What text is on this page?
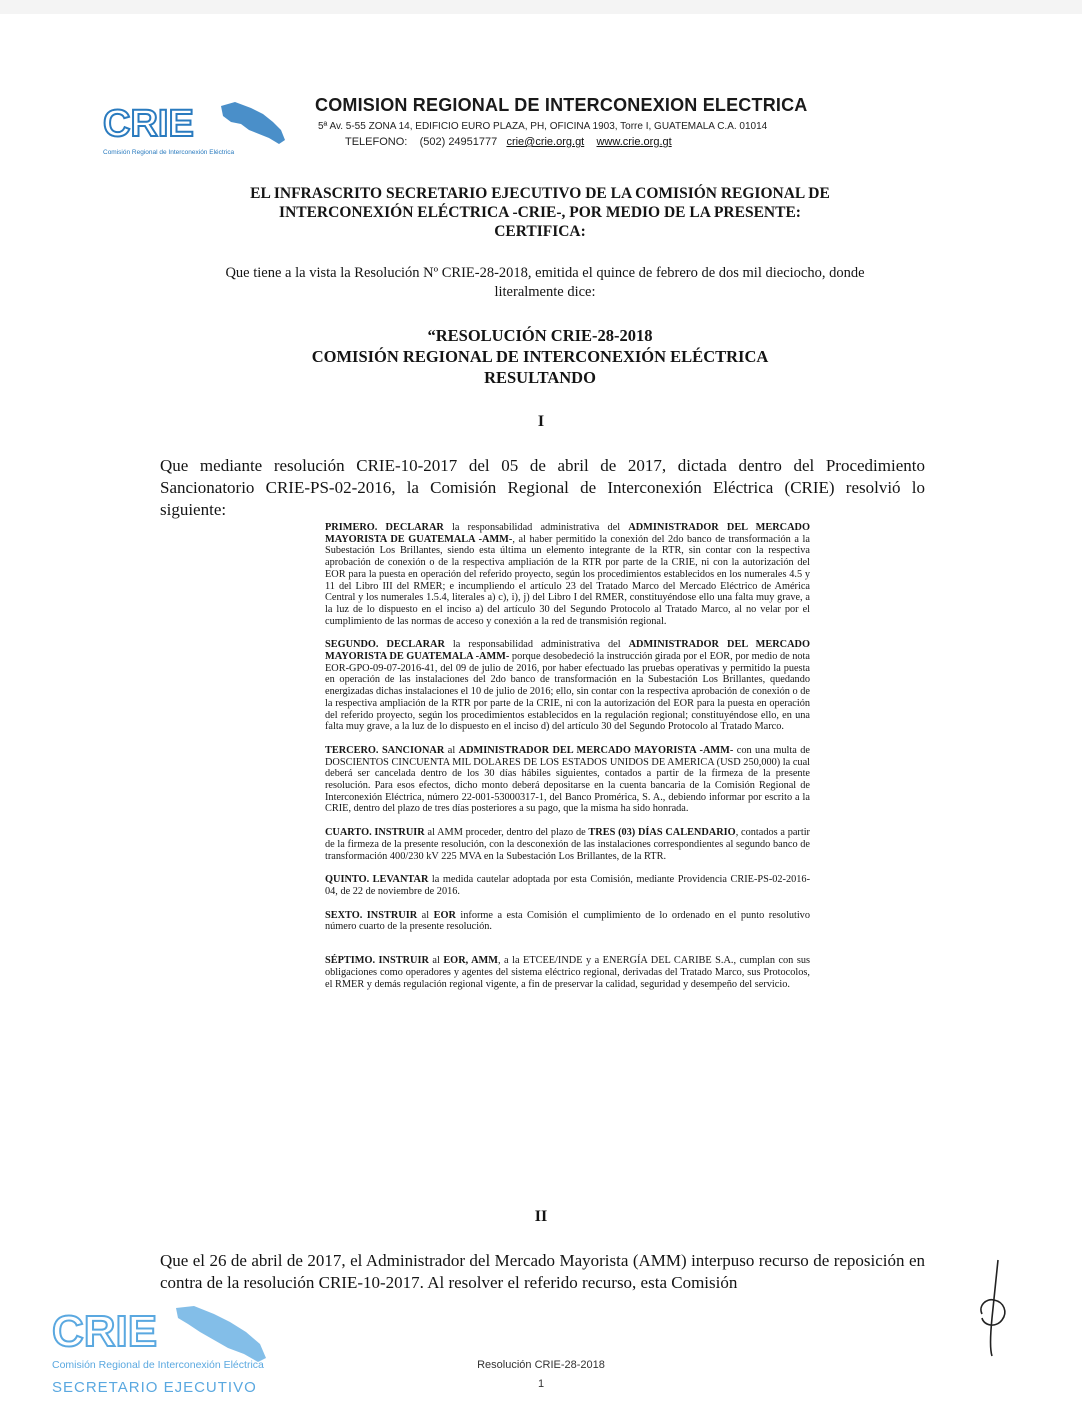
CRIE
Comisión Regional de Interconexión Eléctrica
COMISION REGIONAL DE INTERCONEXION ELECTRICA
5ª Av. 5-55 ZONA 14, EDIFICIO EURO PLAZA, PH, OFICINA 1903, Torre I, GUATEMALA C.A. 01014
TELEFONO: (502) 24951777 crie@crie.org.gt www.crie.org.gt
EL INFRASCRITO SECRETARIO EJECUTIVO DE LA COMISIÓN REGIONAL DE
INTERCONEXIÓN ELÉCTRICA -CRIE-, POR MEDIO DE LA PRESENTE:
CERTIFICA:
Que tiene a la vista la Resolución Nº CRIE-28-2018, emitida el quince de febrero de dos mil dieciocho, donde
literalmente dice:
“RESOLUCIÓN CRIE-28-2018
COMISIÓN REGIONAL DE INTERCONEXIÓN ELÉCTRICA
RESULTANDO
I
Que mediante resolución CRIE-10-2017 del 05 de abril de 2017, dictada dentro del Procedimiento Sancionatorio CRIE-PS-02-2016, la Comisión Regional de Interconexión Eléctrica (CRIE) resolvió lo siguiente:

PRIMERO. DECLARAR la responsabilidad administrativa del ADMINISTRADOR DEL MERCADO MAYORISTA DE GUATEMALA -AMM-, al haber permitido la conexión del 2do banco de transformación a la Subestación Los Brillantes, siendo esta última un elemento integrante de la RTR, sin contar con la respectiva aprobación de conexión o de la respectiva ampliación de la RTR por parte de la CRIE, ni con la autorización del EOR para la puesta en operación del referido proyecto, según los procedimientos establecidos en los numerales 4.5 y 11 del Libro III del RMER; e incumpliendo el artículo 23 del Tratado Marco del Mercado Eléctrico de América Central y los numerales 1.5.4, literales a) c), i), j) del Libro I del RMER, constituyéndose ello una falta muy grave, a la luz de lo dispuesto en el inciso a) del artículo 30 del Segundo Protocolo al Tratado Marco, al no velar por el cumplimiento de las normas de acceso y conexión a la red de transmisión regional.

SEGUNDO. DECLARAR la responsabilidad administrativa del ADMINISTRADOR DEL MERCADO MAYORISTA DE GUATEMALA -AMM- porque desobedeció la instrucción girada por el EOR, por medio de nota EOR-GPO-09-07-2016-41, del 09 de julio de 2016, por haber efectuado las pruebas operativas y permitido la puesta en operación de las instalaciones del 2do banco de transformación en la Subestación Los Brillantes, quedando energizadas dichas instalaciones el 10 de julio de 2016; ello, sin contar con la respectiva aprobación de conexión o de la respectiva ampliación de la RTR por parte de la CRIE, ni con la autorización del EOR para la puesta en operación del referido proyecto, según los procedimientos establecidos en la regulación regional; constituyéndose ello, en una falta muy grave, a la luz de lo dispuesto en el inciso d) del artículo 30 del Segundo Protocolo al Tratado Marco.

TERCERO. SANCIONAR al ADMINISTRADOR DEL MERCADO MAYORISTA -AMM- con una multa de DOSCIENTOS CINCUENTA MIL DOLARES DE LOS ESTADOS UNIDOS DE AMERICA (USD 250,000) la cual deberá ser cancelada dentro de los 30 días hábiles siguientes, contados a partir de la firmeza de la presente resolución. Para esos efectos, dicho monto deberá depositarse en la cuenta bancaria de la Comisión Regional de Interconexión Eléctrica, número 22-001-53000317-1, del Banco Promérica, S. A., debiendo informar por escrito a la CRIE, dentro del plazo de tres días posteriores a su pago, que la misma ha sido honrada.

CUARTO. INSTRUIR al AMM proceder, dentro del plazo de TRES (03) DÍAS CALENDARIO, contados a partir de la firmeza de la presente resolución, con la desconexión de las instalaciones correspondientes al segundo banco de transformación 400/230 kV 225 MVA en la Subestación Los Brillantes, de la RTR.

QUINTO. LEVANTAR la medida cautelar adoptada por esta Comisión, mediante Providencia CRIE-PS-02-2016-04, de 22 de noviembre de 2016.

SEXTO. INSTRUIR al EOR informe a esta Comisión el cumplimiento de lo ordenado en el punto resolutivo número cuarto de la presente resolución.

SÉPTIMO. INSTRUIR al EOR, AMM, a la ETCEE/INDE y a ENERGÍA DEL CARIBE S.A., cumplan con sus obligaciones como operadores y agentes del sistema eléctrico regional, derivadas del Tratado Marco, sus Protocolos, el RMER y demás regulación regional vigente, a fin de preservar la calidad, seguridad y desempeño del servicio.

II
Que el 26 de abril de 2017, el Administrador del Mercado Mayorista (AMM) interpuso recurso de reposición en contra de la resolución CRIE-10-2017. Al resolver el referido recurso, esta Comisión
CRIE
Comisión Regional de Interconexión Eléctrica
SECRETARIO EJECUTIVO
Resolución CRIE-28-2018
1
